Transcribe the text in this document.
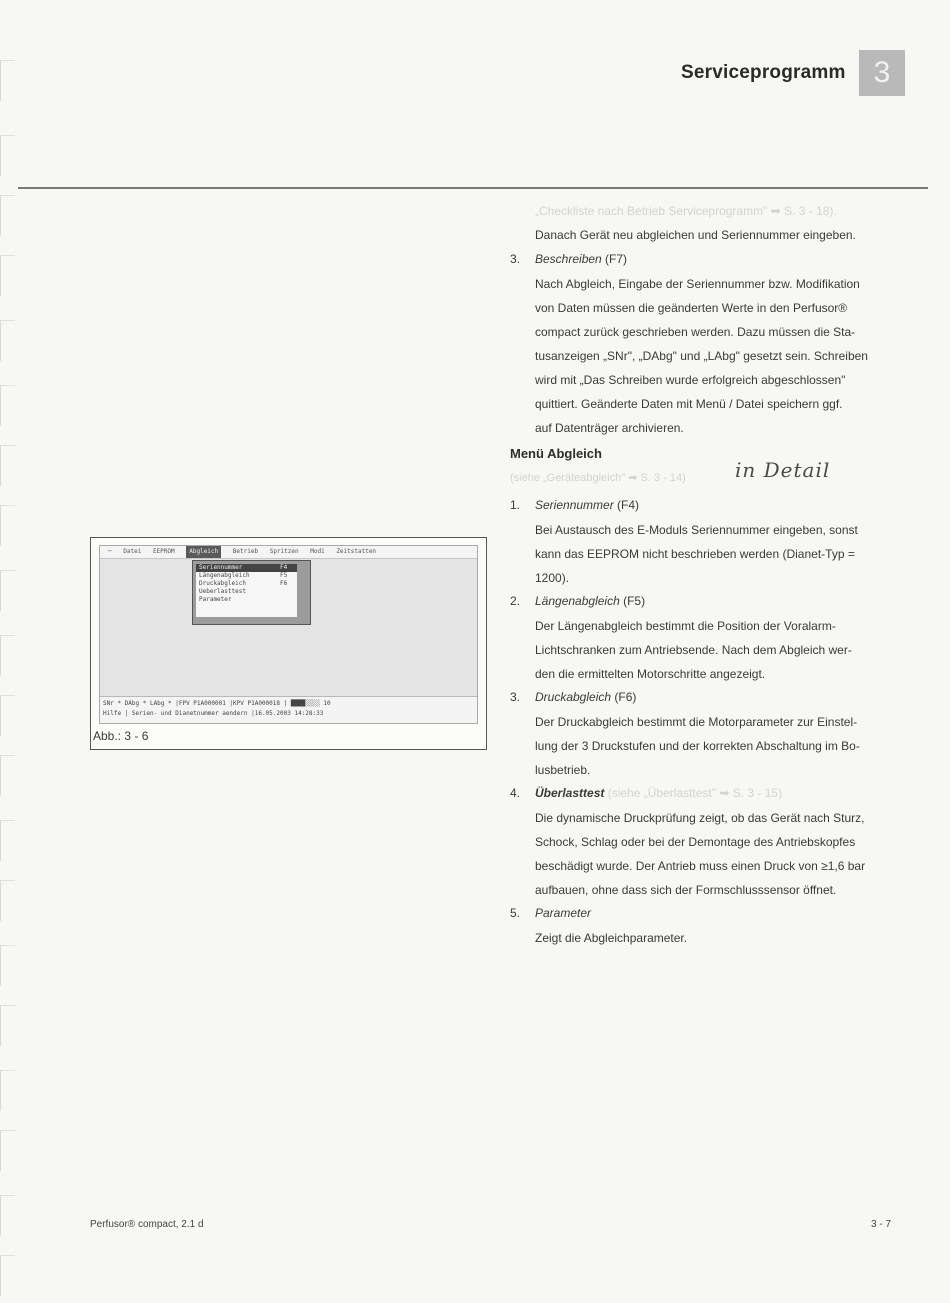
Serviceprogramm 3
„Checkliste nach Betrieb Serviceprogramm" ➡ S. 3 - 18).
Danach Gerät neu abgleichen und Seriennummer eingeben.
3. Beschreiben (F7)
Nach Abgleich, Eingabe der Seriennummer bzw. Modifikation
von Daten müssen die geänderten Werte in den Perfusor®
compact zurück geschrieben werden. Dazu müssen die Sta-
tusanzeigen „SNr", „DAbg" und „LAbg" gesetzt sein. Schreiben
wird mit „Das Schreiben wurde erfolgreich abgeschlossen"
quittiert. Geänderte Daten mit Menü / Datei speichern ggf.
auf Datenträger archivieren.
Menü Abgleich
(siehe „Geräteabgleich" ➡ S. 3 - 14) in Detail
1. Seriennummer (F4)
Bei Austausch des E-Moduls Seriennummer eingeben, sonst
kann das EEPROM nicht beschrieben werden (Dianet-Typ =
1200).
2. Längenabgleich (F5)
Der Längenabgleich bestimmt die Position der Voralarm-
Lichtschranken zum Antriebsende. Nach dem Abgleich wer-
den die ermittelten Motorschritte angezeigt.
3. Druckabgleich (F6)
Der Druckabgleich bestimmt die Motorparameter zur Einstel-
lung der 3 Druckstufen und der korrekten Abschaltung im Bo-
lusbetrieb.
4. Überlasttest (siehe „Überlasttest" ➡ S. 3 - 15)
Die dynamische Druckprüfung zeigt, ob das Gerät nach Sturz,
Schock, Schlag oder bei der Demontage des Antriebskopfes
beschädigt wurde. Der Antrieb muss einen Druck von ≥1,6 bar
aufbauen, ohne dass sich der Formschlusssensor öffnet.
5. Parameter
Zeigt die Abgleichparameter.
─ Datei EEPROM Abgleich Betrieb Spritzen Modi Zeitstatten
Seriennummer	F4
Längenabgleich	F5
Druckabgleich	F6
Ueberlasttest
Parameter
SNr * DAbg * LAbg * |FPV P1A000001 |KPV P1A000018 | ████░░░░ 10
Hilfe | Serien- und Dianetnummer aendern |16.05.2003 14:28:33
Abb.: 3 - 6
Perfusor® compact, 2.1 d	3 - 7
